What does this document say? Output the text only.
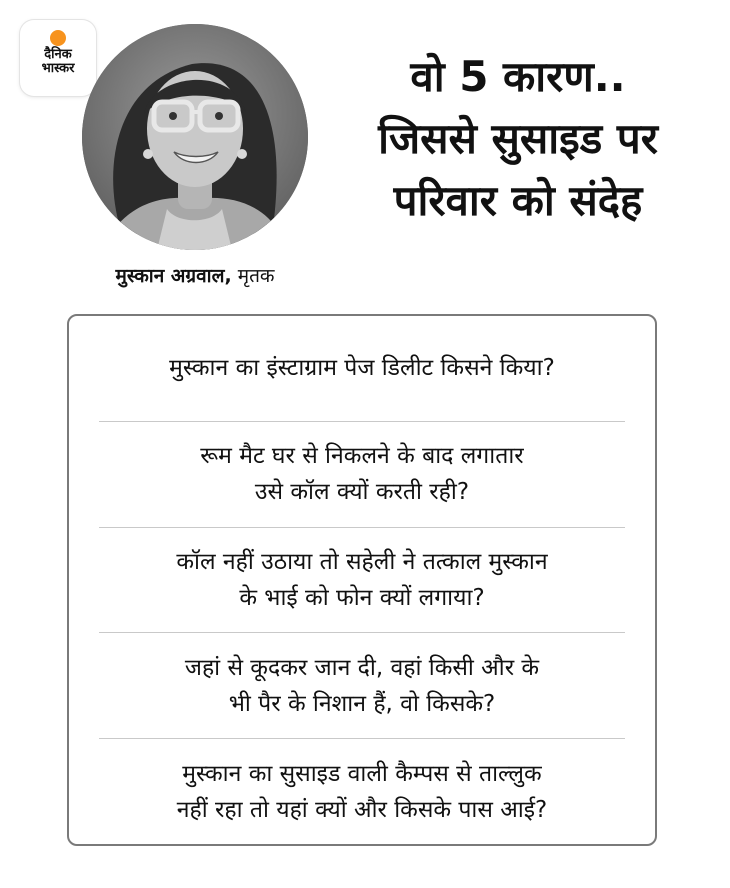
दैनिक
भास्कर
मुस्कान अग्रवाल, मृतक
वो 5 कारण..
जिससे सुसाइड पर
परिवार को संदेह
मुस्कान का इंस्टाग्राम पेज डिलीट किसने किया?
रूम मैट घर से निकलने के बाद लगातार
उसे कॉल क्यों करती रही?
कॉल नहीं उठाया तो सहेली ने तत्काल मुस्कान
के भाई को फोन क्यों लगाया?
जहां से कूदकर जान दी, वहां किसी और के
भी पैर के निशान हैं, वो किसके?
मुस्कान का सुसाइड वाली कैम्पस से ताल्लुक
नहीं रहा तो यहां क्यों और किसके पास आई?
